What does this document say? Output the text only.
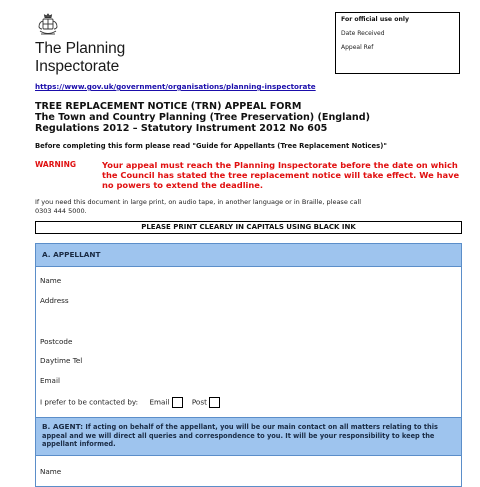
The Planning
Inspectorate
For official use only
Date Received
Appeal Ref
https://www.gov.uk/government/organisations/planning-inspectorate
TREE REPLACEMENT NOTICE (TRN) APPEAL FORM
The Town and Country Planning (Tree Preservation) (England)
Regulations 2012 – Statutory Instrument 2012 No 605
Before completing this form please read "Guide for Appellants (Tree Replacement Notices)"
WARNING	Your appeal must reach the Planning Inspectorate before the date on which the Council has stated the tree replacement notice will take effect. We have no powers to extend the deadline.
If you need this document in large print, on audio tape, in another language or in Braille, please call
0303 444 5000.
PLEASE PRINT CLEARLY IN CAPITALS USING BLACK INK
A. APPELLANT
Name
Address
Postcode
Daytime Tel
Email
I prefer to be contacted by: Email	Post
B. AGENT: If acting on behalf of the appellant, you will be our main contact on all matters relating to this appeal and we will direct all queries and correspondence to you. It will be your responsibility to keep the appellant informed.
Name
